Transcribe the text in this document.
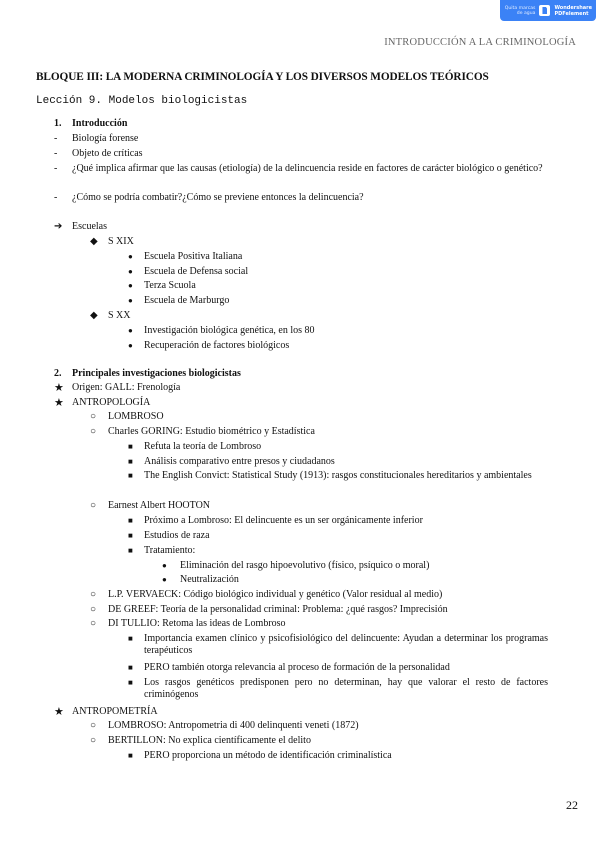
Quita marcas de agua
Wondershare
PDFelement
INTRODUCCIÓN A LA CRIMINOLOGÍA
BLOQUE III: LA MODERNA CRIMINOLOGÍA Y LOS DIVERSOS MODELOS TEÓRICOS
Lección 9. Modelos biologicistas
1. Introducción
- Biología forense
- Objeto de críticas
- ¿Qué implica afirmar que las causas (etiología) de la delincuencia reside en factores de carácter biológico o genético?
- ¿Cómo se podría combatir?¿Cómo se previene entonces la delincuencia?
➔ Escuelas
◆ S XIX
● Escuela Positiva Italiana
● Escuela de Defensa social
● Terza Scuola
● Escuela de Marburgo
◆ S XX
● Investigación biológica genética, en los 80
● Recuperación de factores biológicos
2. Principales investigaciones biologicistas
★ Origen: GALL: Frenología
★ ANTROPOLOGÍA
○ LOMBROSO
○ Charles GORING: Estudio biométrico y Estadística
■ Refuta la teoría de Lombroso
■ Análisis comparativo entre presos y ciudadanos
■ The English Convict: Statistical Study (1913): rasgos constitucionales hereditarios y ambientales
○ Earnest Albert HOOTON
■ Próximo a Lombroso: El delincuente es un ser orgánicamente inferior
■ Estudios de raza
■ Tratamiento:
● Eliminación del rasgo hipoevolutivo (físico, psíquico o moral)
● Neutralización
○ L.P. VERVAECK: Código biológico individual y genético (Valor residual al medio)
○ DE GREEF: Teoría de la personalidad criminal: Problema: ¿qué rasgos? Imprecisión
○ DI TULLIO: Retoma las ideas de Lombroso
■ Importancia examen clínico y psicofisiológico del delincuente: Ayudan a determinar los programas terapéuticos
■ PERO también otorga relevancia al proceso de formación de la personalidad
■ Los rasgos genéticos predisponen pero no determinan, hay que valorar el resto de factores criminógenos
★ ANTROPOMETRÍA
○ LOMBROSO: Antropometria di 400 delinquenti veneti (1872)
○ BERTILLON: No explica científicamente el delito
■ PERO proporciona un método de identificación criminalística
22
